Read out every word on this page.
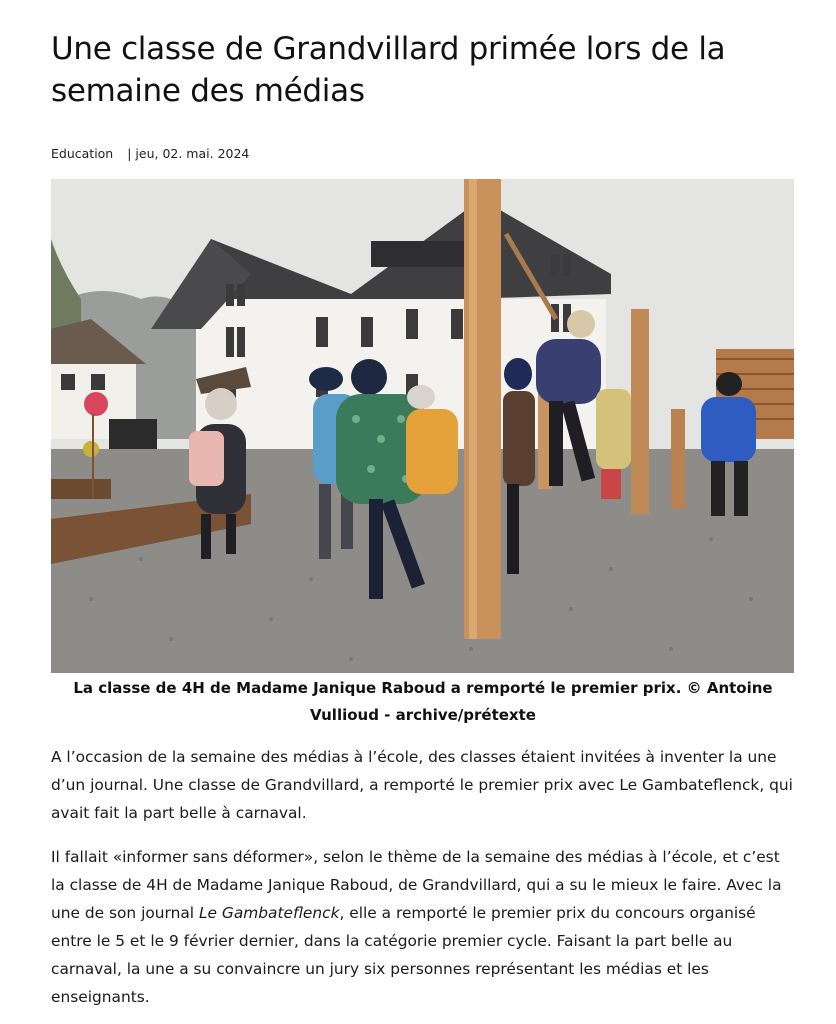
Une classe de Grandvillard primée lors de la semaine des médias
Education | jeu, 02. mai. 2024
La classe de 4H de Madame Janique Raboud a remporté le premier prix. © Antoine Vullioud - archive/prétexte

A l’occasion de la semaine des médias à l’école, des classes étaient invitées à inventer la une d’un journal. Une classe de Grandvillard, a remporté le premier prix avec Le Gambateflenck, qui avait fait la part belle à carnaval.

Il fallait «informer sans déformer», selon le thème de la semaine des médias à l’école, et c’est la classe de 4H de Madame Janique Raboud, de Grandvillard, qui a su le mieux le faire. Avec la une de son journal Le Gambateflenck, elle a remporté le premier prix du concours organisé entre le 5 et le 9 février dernier, dans la catégorie premier cycle. Faisant la part belle au carnaval, la une a su convaincre un jury six personnes représentant les médias et les enseignants.
